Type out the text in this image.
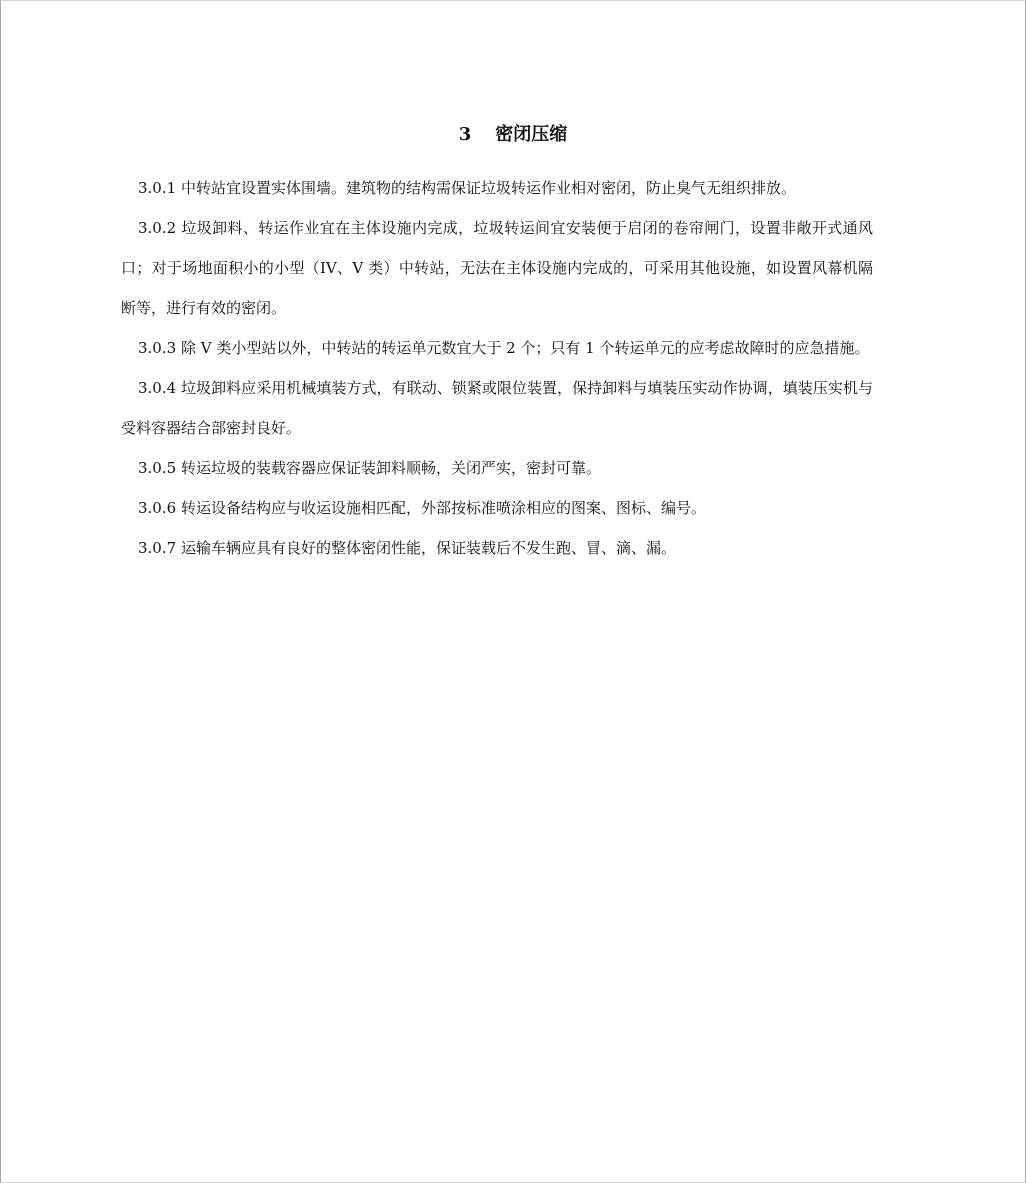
3 密闭压缩

3.0.1 中转站宜设置实体围墙。建筑物的结构需保证垃圾转运作业相对密闭，防止臭气无组织排放。

3.0.2 垃圾卸料、转运作业宜在主体设施内完成，垃圾转运间宜安装便于启闭的卷帘闸门，设置非敞开式通风口；对于场地面积小的小型（IV、V 类）中转站，无法在主体设施内完成的，可采用其他设施，如设置风幕机隔断等，进行有效的密闭。

3.0.3 除 V 类小型站以外，中转站的转运单元数宜大于 2 个；只有 1 个转运单元的应考虑故障时的应急措施。

3.0.4 垃圾卸料应采用机械填装方式，有联动、锁紧或限位装置，保持卸料与填装压实动作协调，填装压实机与受料容器结合部密封良好。

3.0.5 转运垃圾的装载容器应保证装卸料顺畅，关闭严实，密封可靠。

3.0.6 转运设备结构应与收运设施相匹配，外部按标准喷涂相应的图案、图标、编号。

3.0.7 运输车辆应具有良好的整体密闭性能，保证装载后不发生跑、冒、滴、漏。
